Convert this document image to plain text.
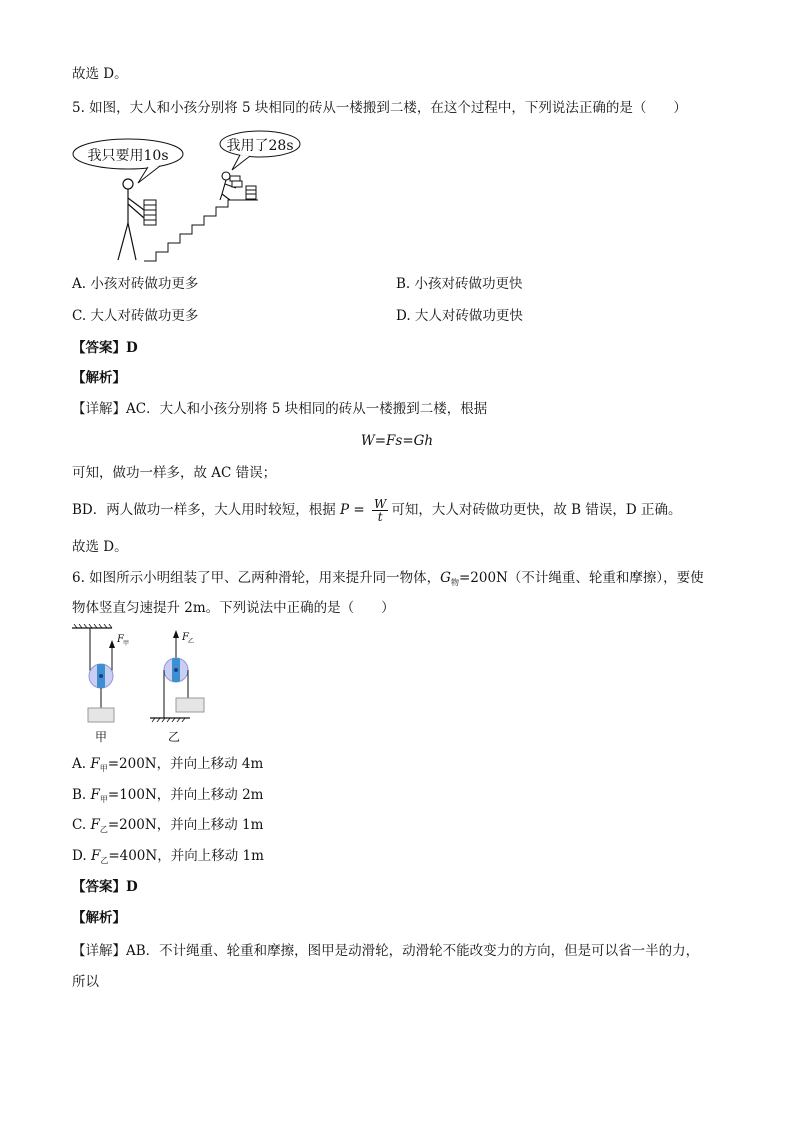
故选 D。
5. 如图，大人和小孩分别将 5 块相同的砖从一楼搬到二楼，在这个过程中，下列说法正确的是（　　）
我只要用10s
我用了28s
A. 小孩对砖做功更多	B. 小孩对砖做功更快
C. 大人对砖做功更多	D. 大人对砖做功更快
【答案】D
【解析】
【详解】AC．大人和小孩分别将 5 块相同的砖从一楼搬到二楼，根据
W=Fs=Gh
可知，做功一样多，故 AC 错误；
BD．两人做功一样多，大人用时较短，根据 $P = \frac{W}{t}$ 可知，大人对砖做功更快，故 B 错误，D 正确。
故选 D。
6. 如图所示小明组装了甲、乙两种滑轮，用来提升同一物体，$G_物=200N$（不计绳重、轮重和摩擦），要使
物体竖直匀速提升 2m。下列说法中正确的是（　　）
F 甲
甲
F 乙
乙
A. $F_甲=200N$，并向上移动 4m
B. $F_甲=100N$，并向上移动 2m
C. $F_乙=200N$，并向上移动 1m
D. $F_乙=400N$，并向上移动 1m
【答案】D
【解析】
【详解】AB．不计绳重、轮重和摩擦，图甲是动滑轮，动滑轮不能改变力的方向，但是可以省一半的力，
所以
